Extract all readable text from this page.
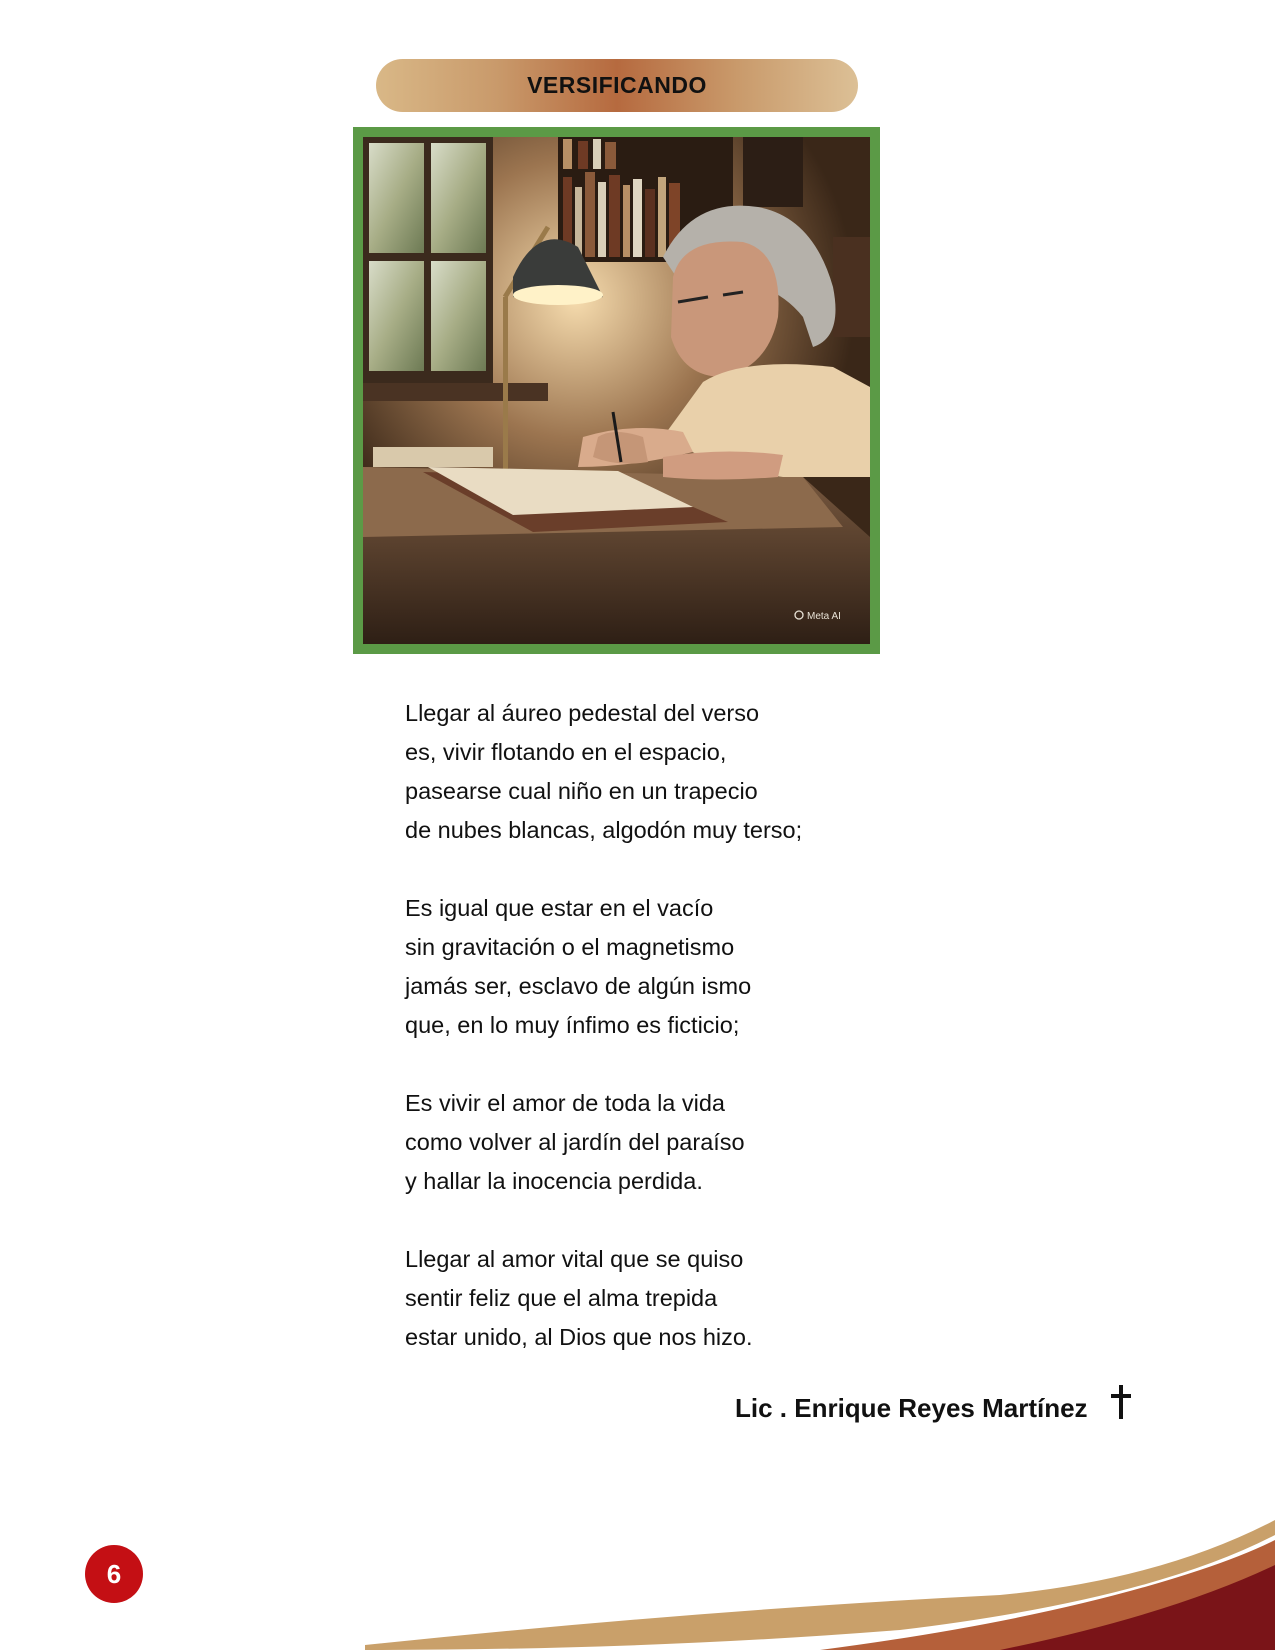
VERSIFICANDO
Meta AI
Llegar al áureo pedestal del verso
es, vivir flotando en el espacio,
pasearse cual niño en un trapecio
de nubes blancas, algodón muy terso;
Es igual que estar en el vacío
sin gravitación o el magnetismo
jamás ser, esclavo de algún ismo
que, en lo muy ínfimo es ficticio;
Es vivir el amor de toda la vida
como volver al jardín del paraíso
y hallar la inocencia perdida.
Llegar al amor vital que se quiso
sentir feliz que el alma trepida
estar unido, al Dios que nos hizo.
Lic . Enrique Reyes Martínez
6
